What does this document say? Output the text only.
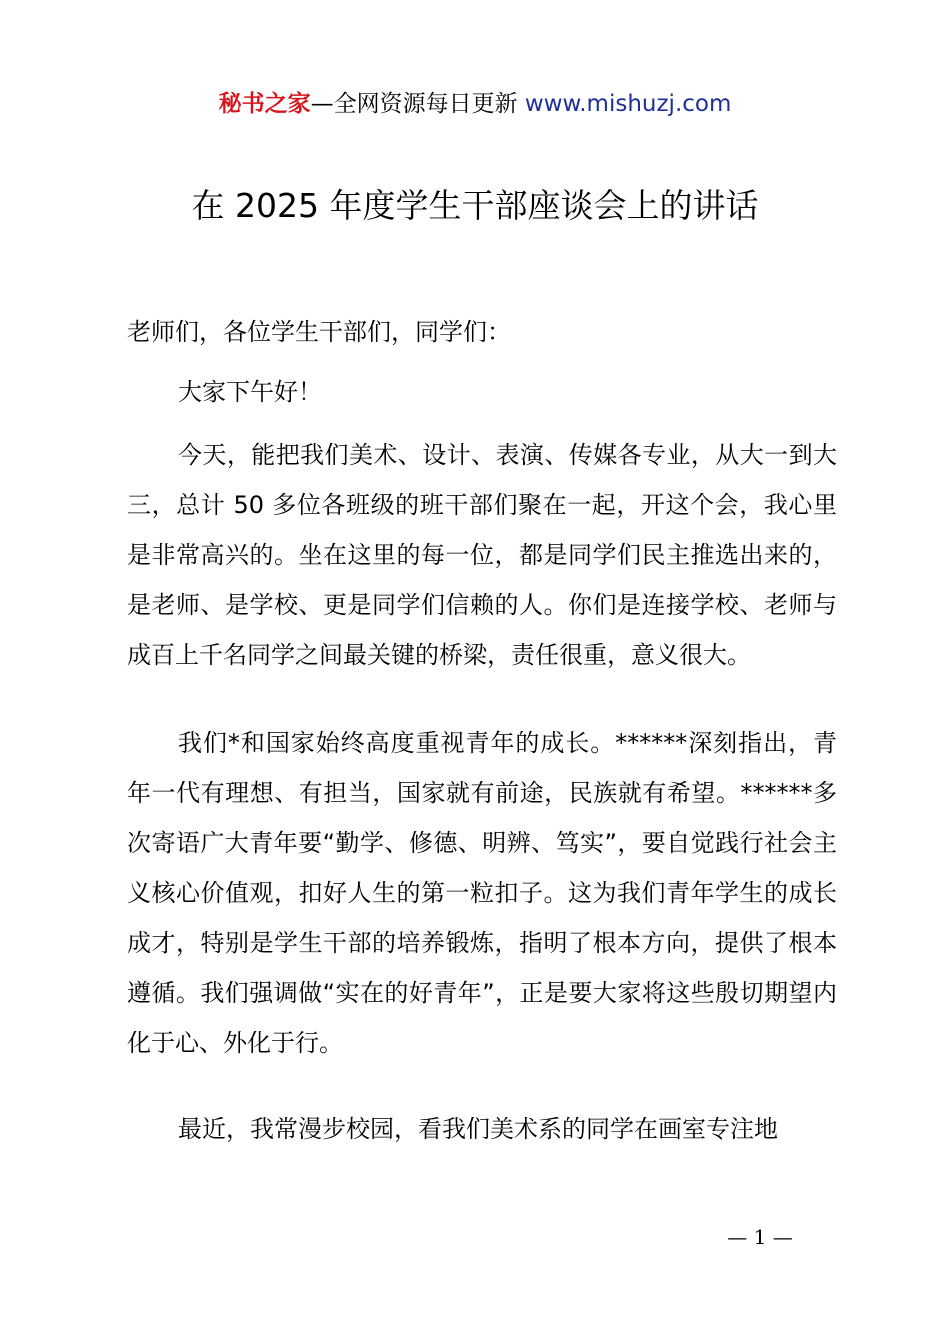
秘书之家—全网资源每日更新 www.mishuzj.com
在 2025 年度学生干部座谈会上的讲话
老师们，各位学生干部们，同学们：

大家下午好！

今天，能把我们美术、设计、表演、传媒各专业，从大一到大三，总计 50 多位各班级的班干部们聚在一起，开这个会，我心里是非常高兴的。坐在这里的每一位，都是同学们民主推选出来的，是老师、是学校、更是同学们信赖的人。你们是连接学校、老师与成百上千名同学之间最关键的桥梁，责任很重，意义很大。

我们*和国家始终高度重视青年的成长。******深刻指出，青年一代有理想、有担当，国家就有前途，民族就有希望。******多次寄语广大青年要“勤学、修德、明辨、笃实”，要自觉践行社会主义核心价值观，扣好人生的第一粒扣子。这为我们青年学生的成长成才，特别是学生干部的培养锻炼，指明了根本方向，提供了根本遵循。我们强调做“实在的好青年”，正是要大家将这些殷切期望内化于心、外化于行。

最近，我常漫步校园，看我们美术系的同学在画室专注地

— 1 —
